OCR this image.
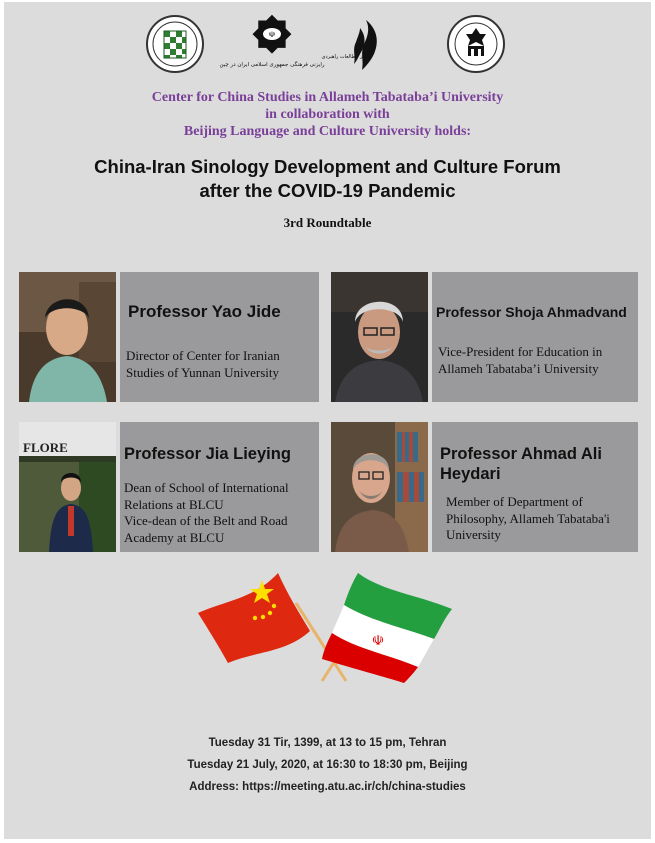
☫
رایزنی فرهنگی جمهوری اسلامی ایران در چین
مرکز مطالعات راهبردی
Center for China Studies in Allameh Tabataba’i University
in collaboration with
Beijing Language and Culture University holds:
China-Iran Sinology Development and Culture Forum
after the COVID-19 Pandemic
3rd Roundtable
Professor Yao Jide
Director of Center for Iranian
Studies of Yunnan University
Professor Shoja Ahmadvand
Vice-President for Education in
Allameh Tabataba’i University
FLORE	Professor Jia Lieying
Dean of School of International
Relations at BLCU
Vice-dean of the Belt and Road
Academy at BLCU
Professor Ahmad Ali
Heydari
Member of Department of
Philosophy, Allameh Tabataba'i
University
☫
Tuesday 31 Tir, 1399, at 13 to 15 pm, Tehran
Tuesday 21 July, 2020, at 16:30 to 18:30 pm, Beijing
Address: https://meeting.atu.ac.ir/ch/china-studies
